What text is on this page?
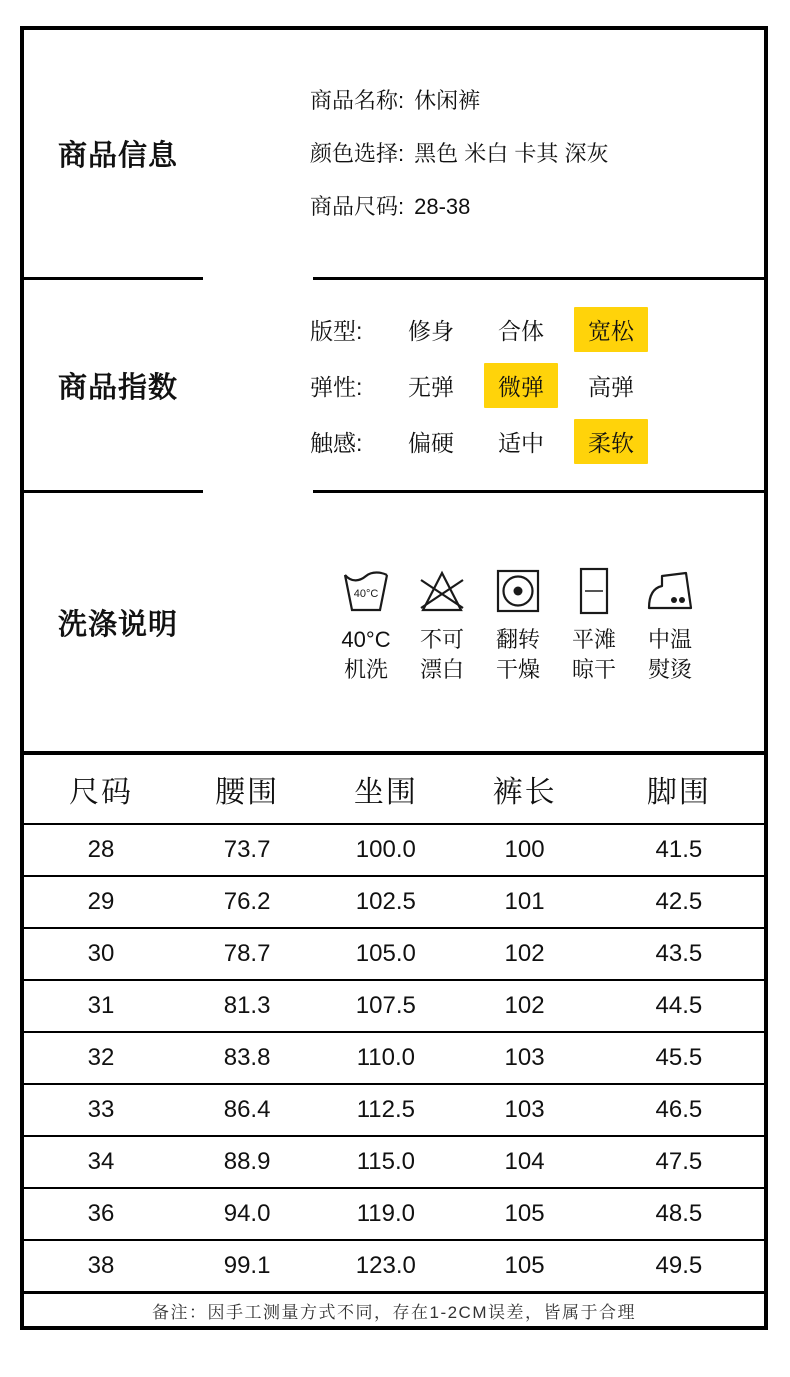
商品信息
商品名称: 休闲裤
颜色选择: 黑色 米白 卡其 深灰
商品尺码: 28-38
商品指数
版型:	修身	合体	宽松
弹性:	无弹	微弹	高弹
触感:	偏硬	适中	柔软
洗涤说明
40°C
40°C
机洗
不可
漂白
翻转
干燥
平滩
晾干
中温
熨烫
尺码	腰围	坐围	裤长	脚围
28	73.7	100.0	100	41.5
29	76.2	102.5	101	42.5
30	78.7	105.0	102	43.5
31	81.3	107.5	102	44.5
32	83.8	110.0	103	45.5
33	86.4	112.5	103	46.5
34	88.9	115.0	104	47.5
36	94.0	119.0	105	48.5
38	99.1	123.0	105	49.5
备注：因手工测量方式不同，存在1-2CM误差，皆属于合理
